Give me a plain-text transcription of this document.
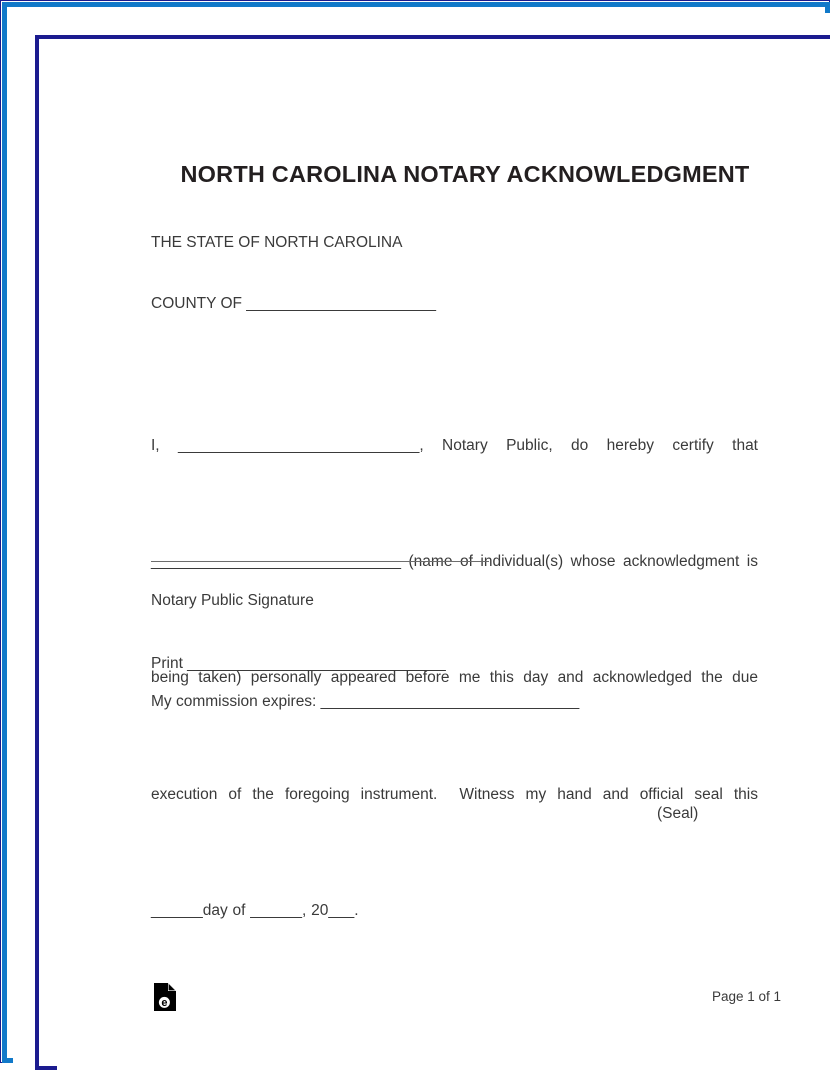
NORTH CAROLINA NOTARY ACKNOWLEDGMENT

THE STATE OF NORTH CAROLINA

COUNTY OF ______________________

I,   ____________________________,   Notary   Public,   do   hereby   certify   that

_____________________________ (name of individual(s) whose acknowledgment is

being taken) personally appeared before me this day and acknowledged the due

execution  of  the  foregoing  instrument.    Witness  my  hand  and  official  seal  this

______day of ______, 20___.

Notary Public Signature
Print ______________________________
My commission expires: ______________________________
(Seal)
e	Page 1 of 1
